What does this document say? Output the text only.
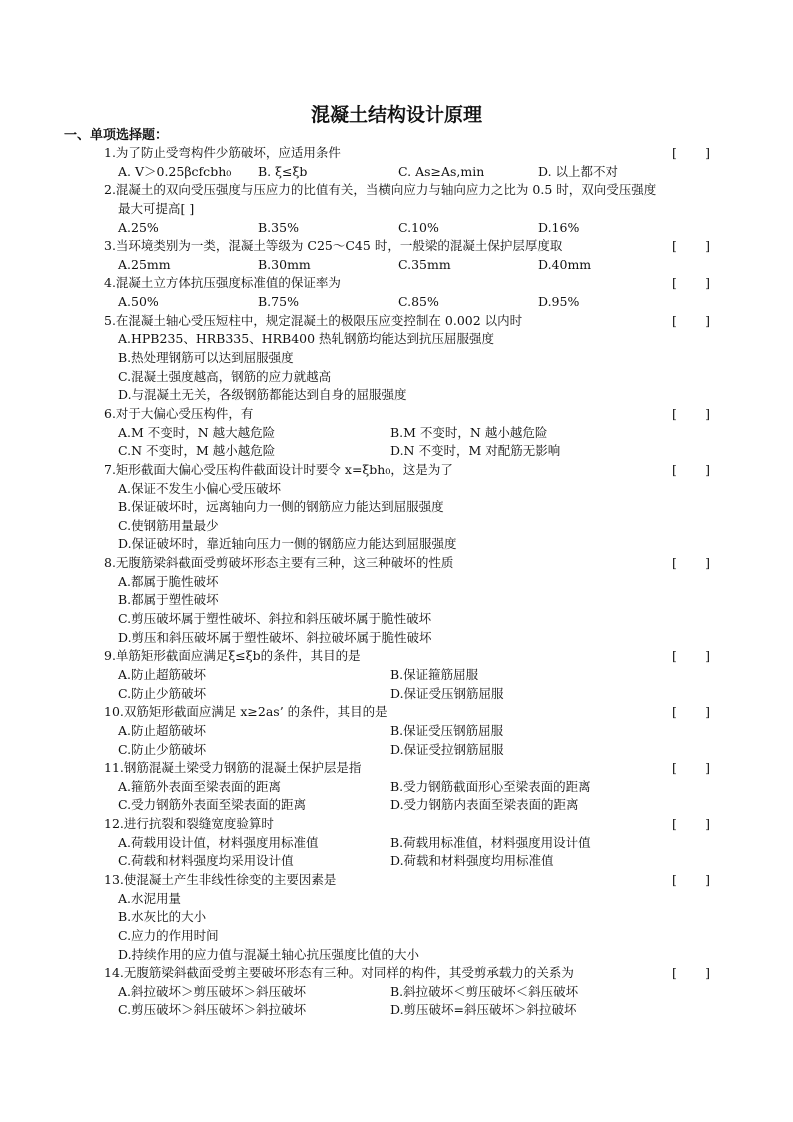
混凝土结构设计原理
一、单项选择题：
1.为了防止受弯构件少筋破坏，应适用条件	[ ]
A. V＞0.25βcfcbh₀ B. ξ≤ξb	C. As≥As,min	D. 以上都不对
2.混凝土的双向受压强度与压应力的比值有关，当横向应力与轴向应力之比为 0.5 时，双向受压强度
最大可提高[ ]
A.25%	B.35%	C.10%	D.16%
3.当环境类别为一类，混凝土等级为 C25～C45 时，一般梁的混凝土保护层厚度取	[ ]
A.25mm	B.30mm	C.35mm	D.40mm
4.混凝土立方体抗压强度标准值的保证率为	[ ]
A.50%	B.75%	C.85%	D.95%
5.在混凝土轴心受压短柱中，规定混凝土的极限压应变控制在 0.002 以内时	[ ]
A.HPB235、HRB335、HRB400 热轧钢筋均能达到抗压屈服强度
B.热处理钢筋可以达到屈服强度
C.混凝土强度越高，钢筋的应力就越高
D.与混凝土无关，各级钢筋都能达到自身的屈服强度
6.对于大偏心受压构件，有	[ ]
A.M 不变时，N 越大越危险	B.M 不变时，N 越小越危险
C.N 不变时，M 越小越危险	D.N 不变时，M 对配筋无影响
7.矩形截面大偏心受压构件截面设计时要令 x=ξbh₀，这是为了	[ ]
A.保证不发生小偏心受压破坏
B.保证破坏时，远离轴向力一侧的钢筋应力能达到屈服强度
C.使钢筋用量最少
D.保证破坏时，靠近轴向压力一侧的钢筋应力能达到屈服强度
8.无腹筋梁斜截面受剪破坏形态主要有三种，这三种破坏的性质	[ ]
A.都属于脆性破坏
B.都属于塑性破坏
C.剪压破坏属于塑性破坏、斜拉和斜压破坏属于脆性破坏
D.剪压和斜压破坏属于塑性破坏、斜拉破坏属于脆性破坏
9.单筋矩形截面应满足ξ≤ξb的条件，其目的是	[ ]
A.防止超筋破坏	B.保证箍筋屈服
C.防止少筋破坏	D.保证受压钢筋屈服
10.双筋矩形截面应满足 x≥2as’ 的条件，其目的是	[ ]
A.防止超筋破坏	B.保证受压钢筋屈服
C.防止少筋破坏	D.保证受拉钢筋屈服
11.钢筋混凝土梁受力钢筋的混凝土保护层是指	[ ]
A.箍筋外表面至梁表面的距离	B.受力钢筋截面形心至梁表面的距离
C.受力钢筋外表面至梁表面的距离	D.受力钢筋内表面至梁表面的距离
12.进行抗裂和裂缝宽度验算时	[ ]
A.荷载用设计值，材料强度用标准值	B.荷载用标准值，材料强度用设计值
C.荷载和材料强度均采用设计值	D.荷载和材料强度均用标准值
13.使混凝土产生非线性徐变的主要因素是	[ ]
A.水泥用量
B.水灰比的大小
C.应力的作用时间
D.持续作用的应力值与混凝土轴心抗压强度比值的大小
14.无腹筋梁斜截面受剪主要破坏形态有三种。对同样的构件，其受剪承载力的关系为	[ ]
A.斜拉破坏＞剪压破坏＞斜压破坏	B.斜拉破坏＜剪压破坏＜斜压破坏
C.剪压破坏＞斜压破坏＞斜拉破坏	D.剪压破坏=斜压破坏＞斜拉破坏
